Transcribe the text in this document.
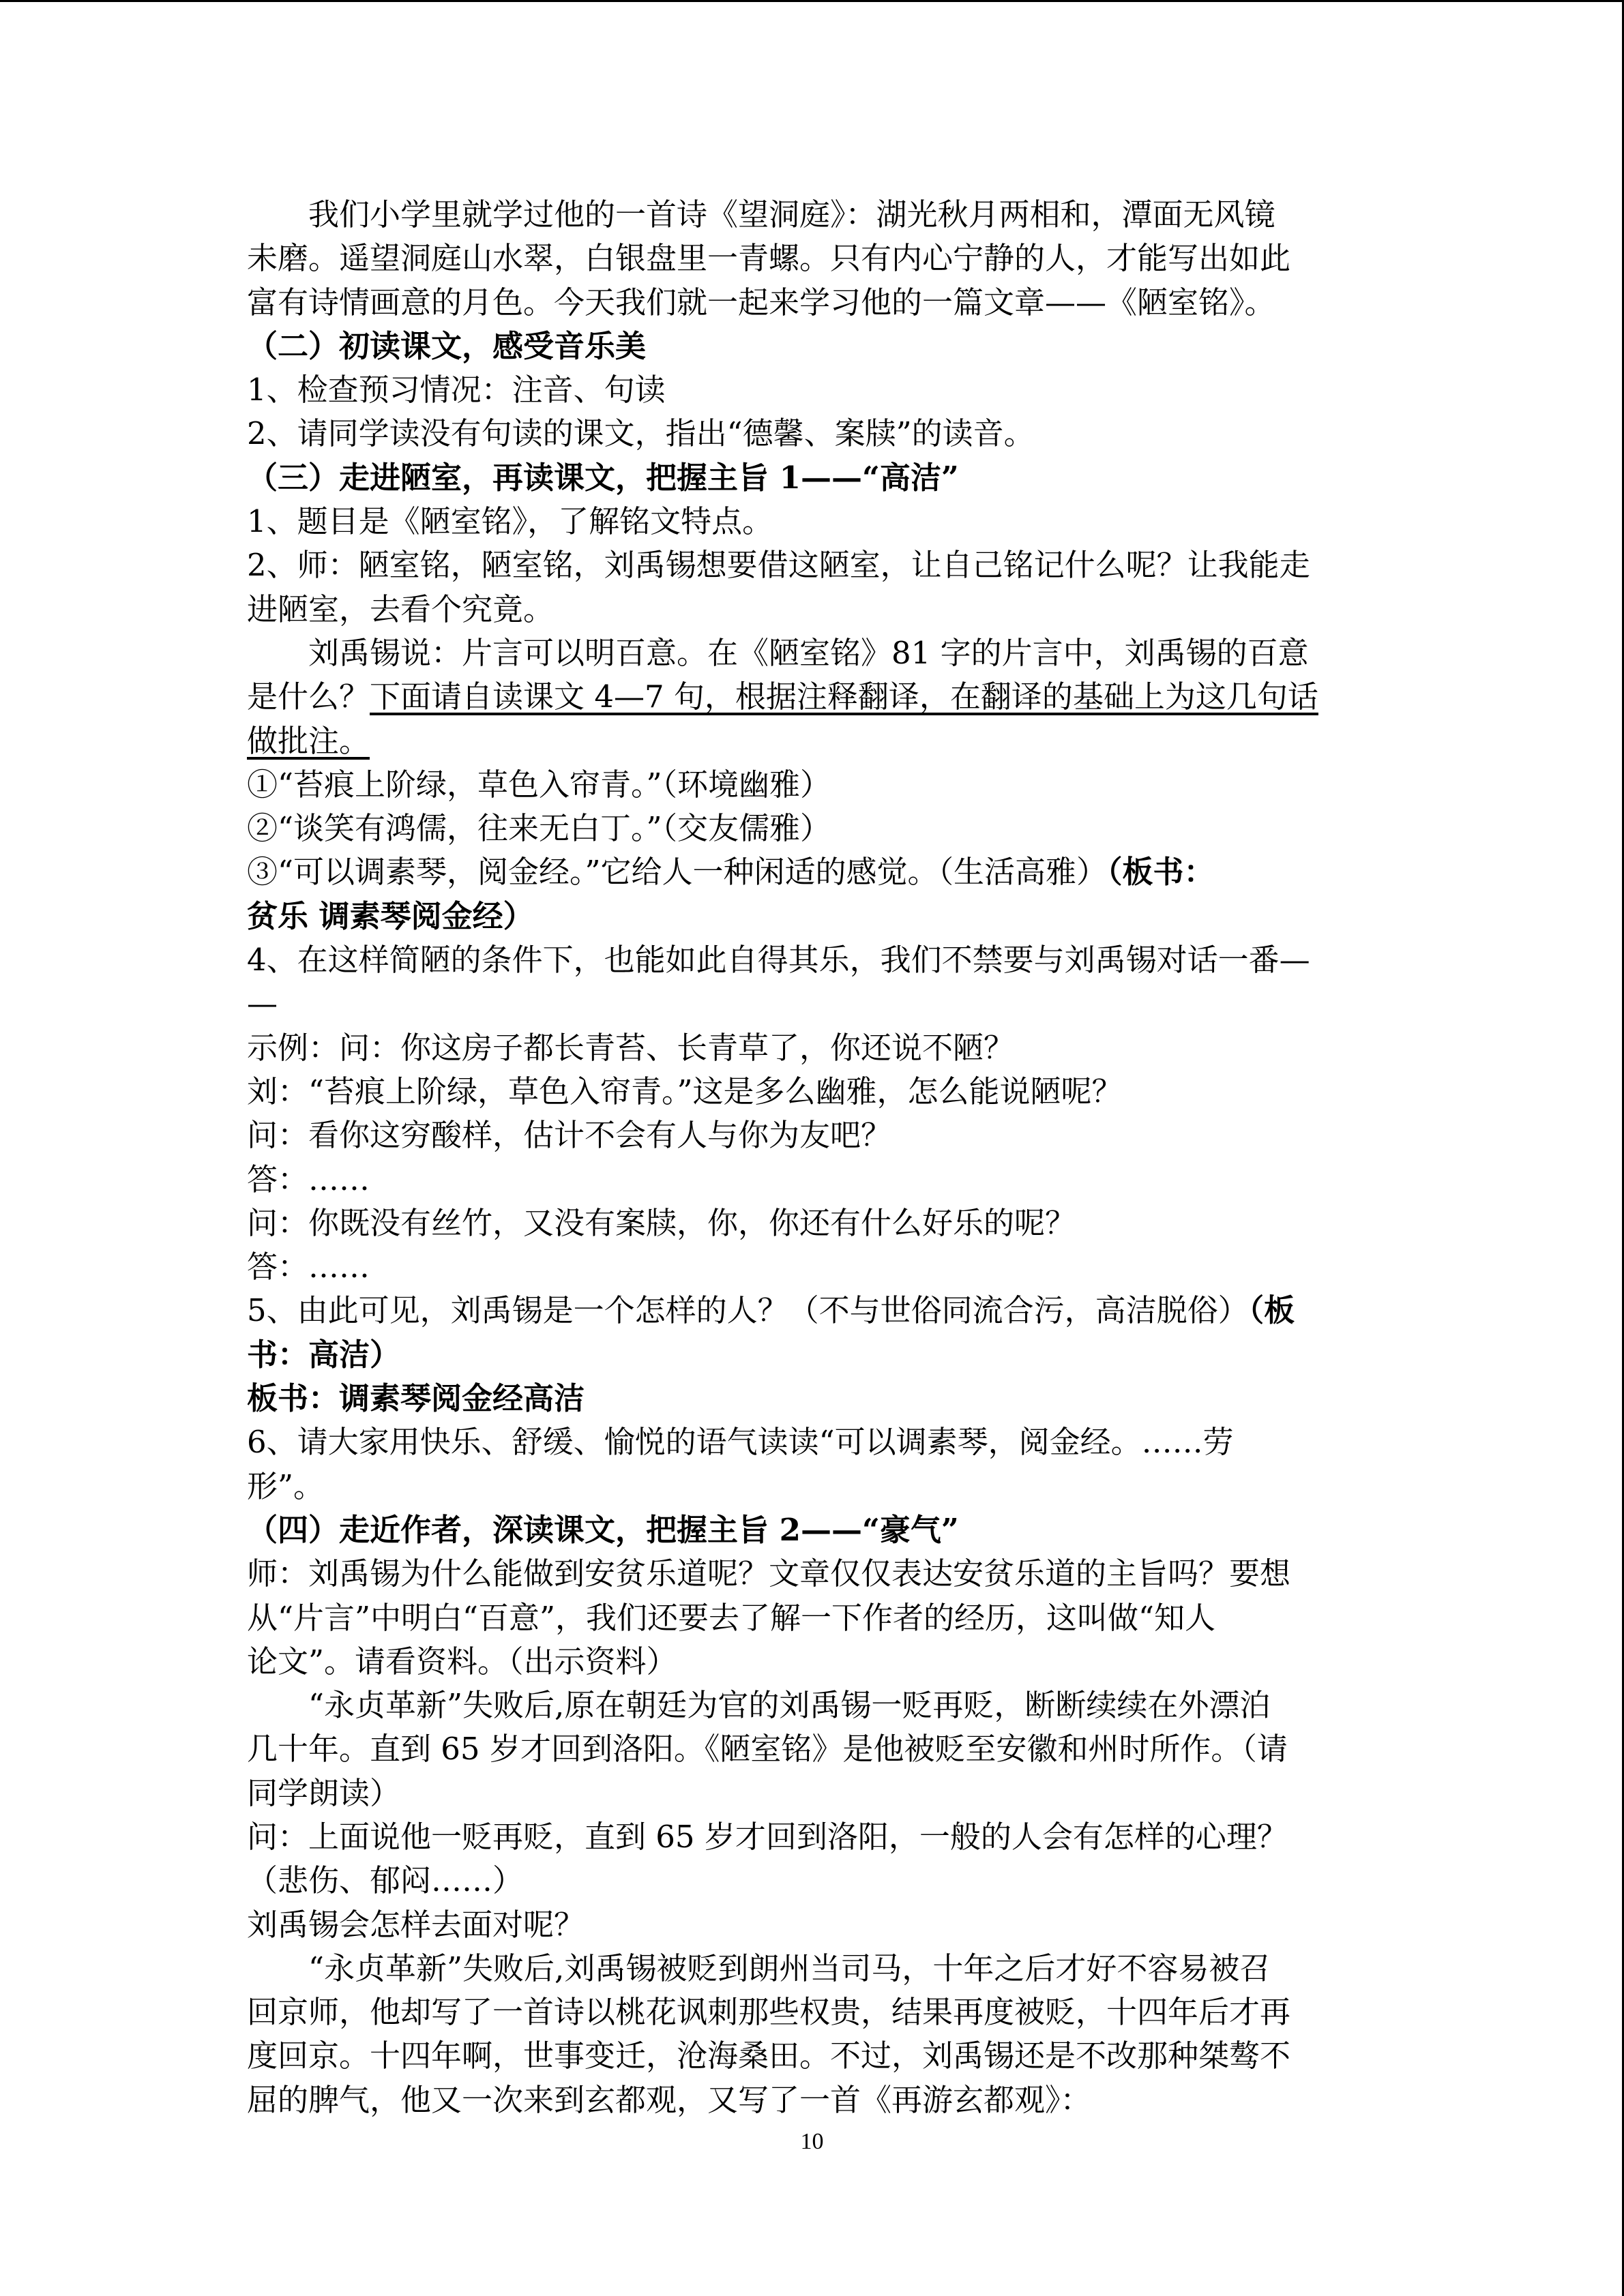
我们小学里就学过他的一首诗《望洞庭》：湖光秋月两相和，潭面无风镜
未磨。遥望洞庭山水翠，白银盘里一青螺。只有内心宁静的人，才能写出如此
富有诗情画意的月色。今天我们就一起来学习他的一篇文章——《陋室铭》。
（二）初读课文，感受音乐美
1、检查预习情况：注音、句读
2、请同学读没有句读的课文，指出“德馨、案牍”的读音。
（三）走进陋室，再读课文，把握主旨 1——“高洁”
1、题目是《陋室铭》，了解铭文特点。
2、师：陋室铭，陋室铭，刘禹锡想要借这陋室，让自己铭记什么呢？让我能走
进陋室，去看个究竟。
刘禹锡说：片言可以明百意。在《陋室铭》81 字的片言中，刘禹锡的百意
是什么？下面请自读课文 4—7 句，根据注释翻译，在翻译的基础上为这几句话
做批注。
①“苔痕上阶绿，草色入帘青。”（环境幽雅）
②“谈笑有鸿儒，往来无白丁。”（交友儒雅）
③“可以调素琴，阅金经。”它给人一种闲适的感觉。（生活高雅）（板书：
贫乐 调素琴阅金经）
4、在这样简陋的条件下，也能如此自得其乐，我们不禁要与刘禹锡对话一番—
—
示例：问：你这房子都长青苔、长青草了，你还说不陋？
刘：“苔痕上阶绿，草色入帘青。”这是多么幽雅，怎么能说陋呢？
问：看你这穷酸样，估计不会有人与你为友吧？
答：……
问：你既没有丝竹，又没有案牍，你，你还有什么好乐的呢？
答：……
5、由此可见，刘禹锡是一个怎样的人？（不与世俗同流合污，高洁脱俗）（板
书：高洁）
板书：调素琴阅金经高洁
6、请大家用快乐、舒缓、愉悦的语气读读“可以调素琴，阅金经。……劳
形”。
（四）走近作者，深读课文，把握主旨 2——“豪气”
师：刘禹锡为什么能做到安贫乐道呢？文章仅仅表达安贫乐道的主旨吗？要想
从“片言”中明白“百意”，我们还要去了解一下作者的经历，这叫做“知人
论文”。请看资料。（出示资料）
“永贞革新”失败后,原在朝廷为官的刘禹锡一贬再贬，断断续续在外漂泊
几十年。直到 65 岁才回到洛阳。《陋室铭》是他被贬至安徽和州时所作。（请
同学朗读）
问：上面说他一贬再贬，直到 65 岁才回到洛阳，一般的人会有怎样的心理？
（悲伤、郁闷……）
刘禹锡会怎样去面对呢？
“永贞革新”失败后,刘禹锡被贬到朗州当司马，十年之后才好不容易被召
回京师，他却写了一首诗以桃花讽刺那些权贵，结果再度被贬，十四年后才再
度回京。十四年啊，世事变迁，沧海桑田。不过，刘禹锡还是不改那种桀骜不
屈的脾气，他又一次来到玄都观，又写了一首《再游玄都观》：
10
